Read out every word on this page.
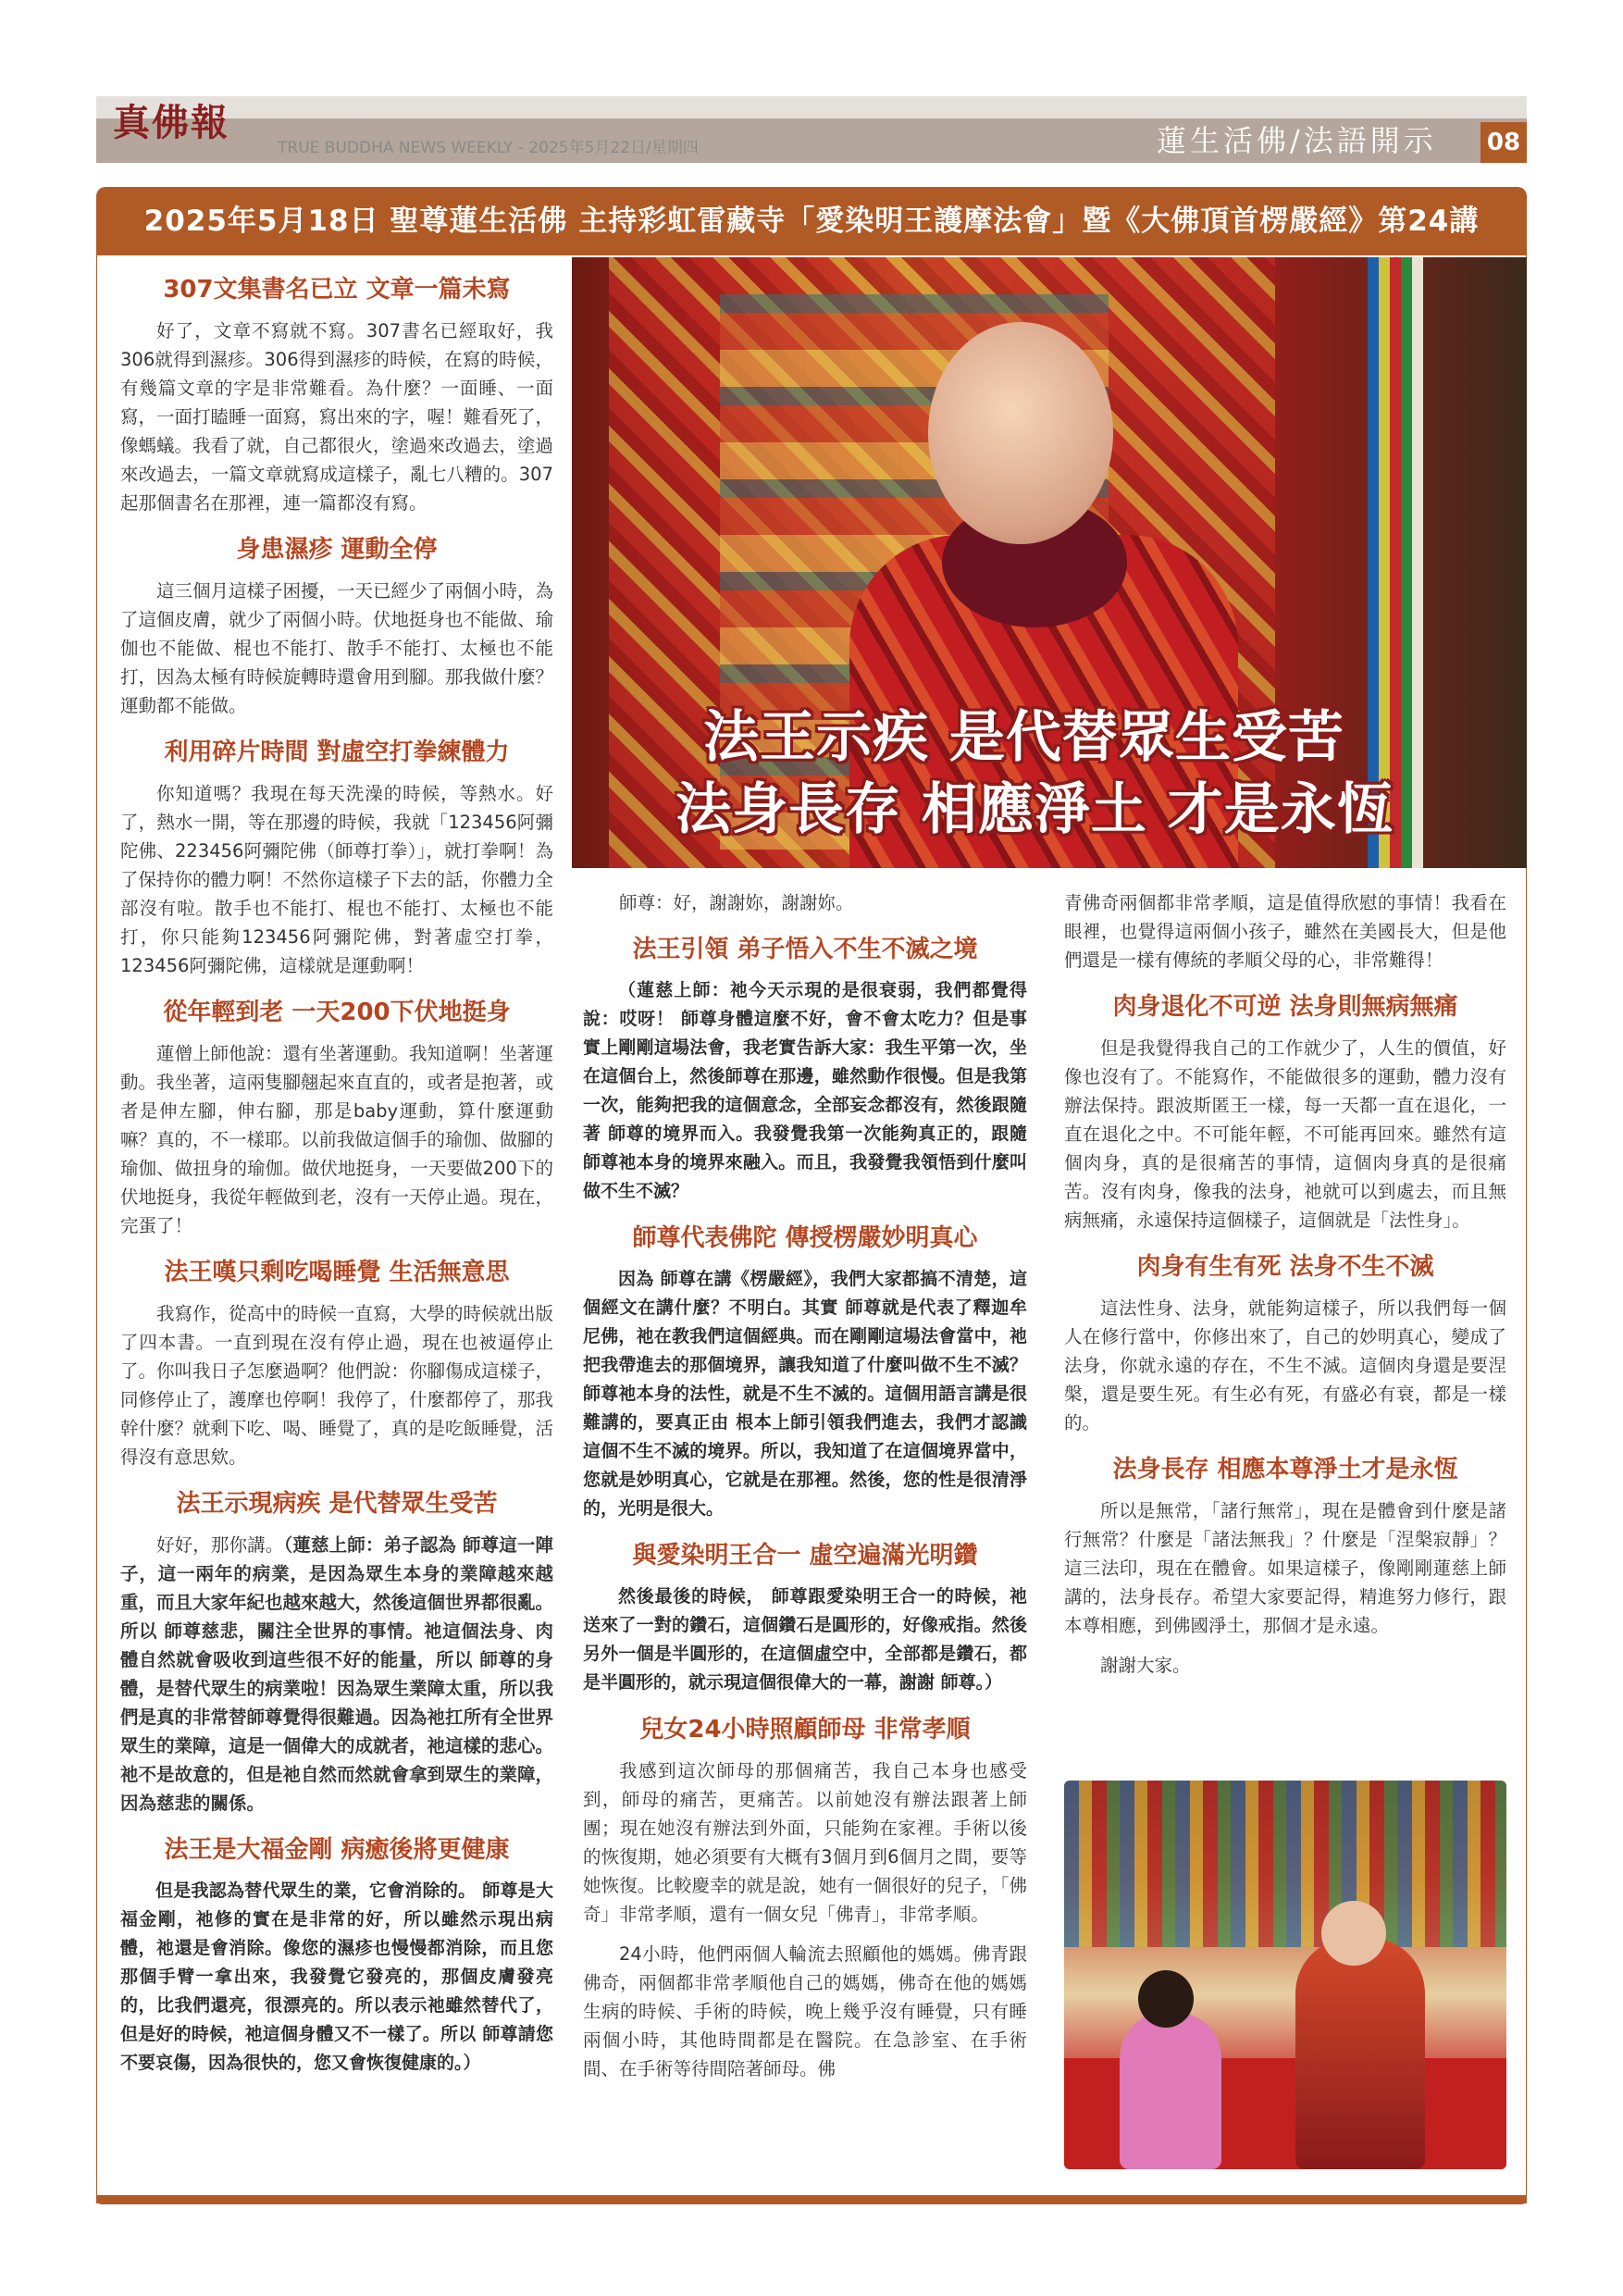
真佛報
TRUE BUDDHA NEWS WEEKLY - 2025年5月22日/星期四	蓮生活佛/法語開示 08
2025年5月18日 聖尊蓮生活佛 主持彩虹雷藏寺「愛染明王護摩法會」暨《大佛頂首楞嚴經》第24講
法王示疾 是代替眾生受苦
法身長存 相應淨土 才是永恆
307文集書名已立 文章一篇未寫

好了，文章不寫就不寫。307書名已經取好，我306就得到濕疹。306得到濕疹的時候，在寫的時候，有幾篇文章的字是非常難看。為什麼？一面睡、一面寫，一面打瞌睡一面寫，寫出來的字，喔！難看死了，像螞蟻。我看了就，自己都很火，塗過來改過去，塗過來改過去，一篇文章就寫成這樣子，亂七八糟的。307起那個書名在那裡，連一篇都沒有寫。

身患濕疹 運動全停

這三個月這樣子困擾，一天已經少了兩個小時，為了這個皮膚，就少了兩個小時。伏地挺身也不能做、瑜伽也不能做、棍也不能打、散手不能打、太極也不能打，因為太極有時候旋轉時還會用到腳。那我做什麼？運動都不能做。

利用碎片時間 對虛空打拳練體力

你知道嗎？我現在每天洗澡的時候，等熱水。好了，熱水一開，等在那邊的時候，我就「123456阿彌陀佛、223456阿彌陀佛（師尊打拳）」，就打拳啊！為了保持你的體力啊！不然你這樣子下去的話，你體力全部沒有啦。散手也不能打、棍也不能打、太極也不能打，你只能夠123456阿彌陀佛，對著虛空打拳，123456阿彌陀佛，這樣就是運動啊！

從年輕到老 一天200下伏地挺身

蓮僧上師他說：還有坐著運動。我知道啊！坐著運動。我坐著，這兩隻腳翹起來直直的，或者是抱著，或者是伸左腳，伸右腳，那是baby運動，算什麼運動嘛？真的，不一樣耶。以前我做這個手的瑜伽、做腳的瑜伽、做扭身的瑜伽。做伏地挺身，一天要做200下的伏地挺身，我從年輕做到老，沒有一天停止過。現在，完蛋了！

法王嘆只剩吃喝睡覺 生活無意思

我寫作，從高中的時候一直寫，大學的時候就出版了四本書。一直到現在沒有停止過，現在也被逼停止了。你叫我日子怎麼過啊？他們說：你腳傷成這樣子，同修停止了，護摩也停啊！我停了，什麼都停了，那我幹什麼？就剩下吃、喝、睡覺了，真的是吃飯睡覺，活得沒有意思欸。

法王示現病疾 是代替眾生受苦

好好，那你講。（蓮慈上師：弟子認為 師尊這一陣子，這一兩年的病業，是因為眾生本身的業障越來越重，而且大家年紀也越來越大，然後這個世界都很亂。所以 師尊慈悲，關注全世界的事情。祂這個法身、肉體自然就會吸收到這些很不好的能量，所以 師尊的身體，是替代眾生的病業啦！因為眾生業障太重，所以我們是真的非常替師尊覺得很難過。因為祂扛所有全世界眾生的業障，這是一個偉大的成就者，祂這樣的悲心。祂不是故意的，但是祂自然而然就會拿到眾生的業障，因為慈悲的關係。

法王是大福金剛 病癒後將更健康

但是我認為替代眾生的業，它會消除的。 師尊是大福金剛，祂修的實在是非常的好，所以雖然示現出病體，祂還是會消除。像您的濕疹也慢慢都消除，而且您那個手臂一拿出來，我發覺它發亮的，那個皮膚發亮的，比我們還亮，很漂亮的。所以表示祂雖然替代了，但是好的時候，祂這個身體又不一樣了。所以 師尊請您不要哀傷，因為很快的，您又會恢復健康的。）

師尊：好，謝謝妳，謝謝妳。

法王引領 弟子悟入不生不滅之境

（蓮慈上師：祂今天示現的是很衰弱，我們都覺得說：哎呀！ 師尊身體這麼不好，會不會太吃力？但是事實上剛剛這場法會，我老實告訴大家：我生平第一次，坐在這個台上，然後師尊在那邊，雖然動作很慢。但是我第一次，能夠把我的這個意念，全部妄念都沒有，然後跟隨著 師尊的境界而入。我發覺我第一次能夠真正的，跟隨 師尊祂本身的境界來融入。而且，我發覺我領悟到什麼叫做不生不滅？

師尊代表佛陀 傳授楞嚴妙明真心

因為 師尊在講《楞嚴經》，我們大家都搞不清楚，這個經文在講什麼？不明白。其實 師尊就是代表了釋迦牟尼佛，祂在教我們這個經典。而在剛剛這場法會當中，祂把我帶進去的那個境界，讓我知道了什麼叫做不生不滅？ 師尊祂本身的法性，就是不生不滅的。這個用語言講是很難講的，要真正由 根本上師引領我們進去，我們才認識這個不生不滅的境界。所以，我知道了在這個境界當中，您就是妙明真心，它就是在那裡。然後，您的性是很清淨的，光明是很大。

與愛染明王合一 虛空遍滿光明鑽

然後最後的時候， 師尊跟愛染明王合一的時候，祂送來了一對的鑽石，這個鑽石是圓形的，好像戒指。然後另外一個是半圓形的，在這個虛空中，全部都是鑽石，都是半圓形的，就示現這個很偉大的一幕，謝謝 師尊。）

兒女24小時照顧師母 非常孝順

我感到這次師母的那個痛苦，我自己本身也感受到，師母的痛苦，更痛苦。以前她沒有辦法跟著上師團；現在她沒有辦法到外面，只能夠在家裡。手術以後的恢復期，她必須要有大概有3個月到6個月之間，要等她恢復。比較慶幸的就是說，她有一個很好的兒子，「佛奇」非常孝順，還有一個女兒「佛青」，非常孝順。

24小時，他們兩個人輪流去照顧他的媽媽。佛青跟佛奇，兩個都非常孝順他自己的媽媽，佛奇在他的媽媽生病的時候、手術的時候，晚上幾乎沒有睡覺，只有睡兩個小時，其他時間都是在醫院。在急診室、在手術間、在手術等待間陪著師母。佛

青佛奇兩個都非常孝順，這是值得欣慰的事情！我看在眼裡，也覺得這兩個小孩子，雖然在美國長大，但是他們還是一樣有傳統的孝順父母的心，非常難得！

肉身退化不可逆 法身則無病無痛

但是我覺得我自己的工作就少了，人生的價值，好像也沒有了。不能寫作，不能做很多的運動，體力沒有辦法保持。跟波斯匿王一樣，每一天都一直在退化，一直在退化之中。不可能年輕，不可能再回來。雖然有這個肉身，真的是很痛苦的事情，這個肉身真的是很痛苦。沒有肉身，像我的法身，祂就可以到處去，而且無病無痛，永遠保持這個樣子，這個就是「法性身」。

肉身有生有死 法身不生不滅

這法性身、法身，就能夠這樣子，所以我們每一個人在修行當中，你修出來了，自己的妙明真心，變成了法身，你就永遠的存在，不生不滅。這個肉身還是要涅槃，還是要生死。有生必有死，有盛必有衰，都是一樣的。

法身長存 相應本尊淨土才是永恆

所以是無常，「諸行無常」，現在是體會到什麼是諸行無常？什麼是「諸法無我」？什麼是「涅槃寂靜」？這三法印，現在在體會。如果這樣子，像剛剛蓮慈上師講的，法身長存。希望大家要記得，精進努力修行，跟本尊相應，到佛國淨土，那個才是永遠。

謝謝大家。
